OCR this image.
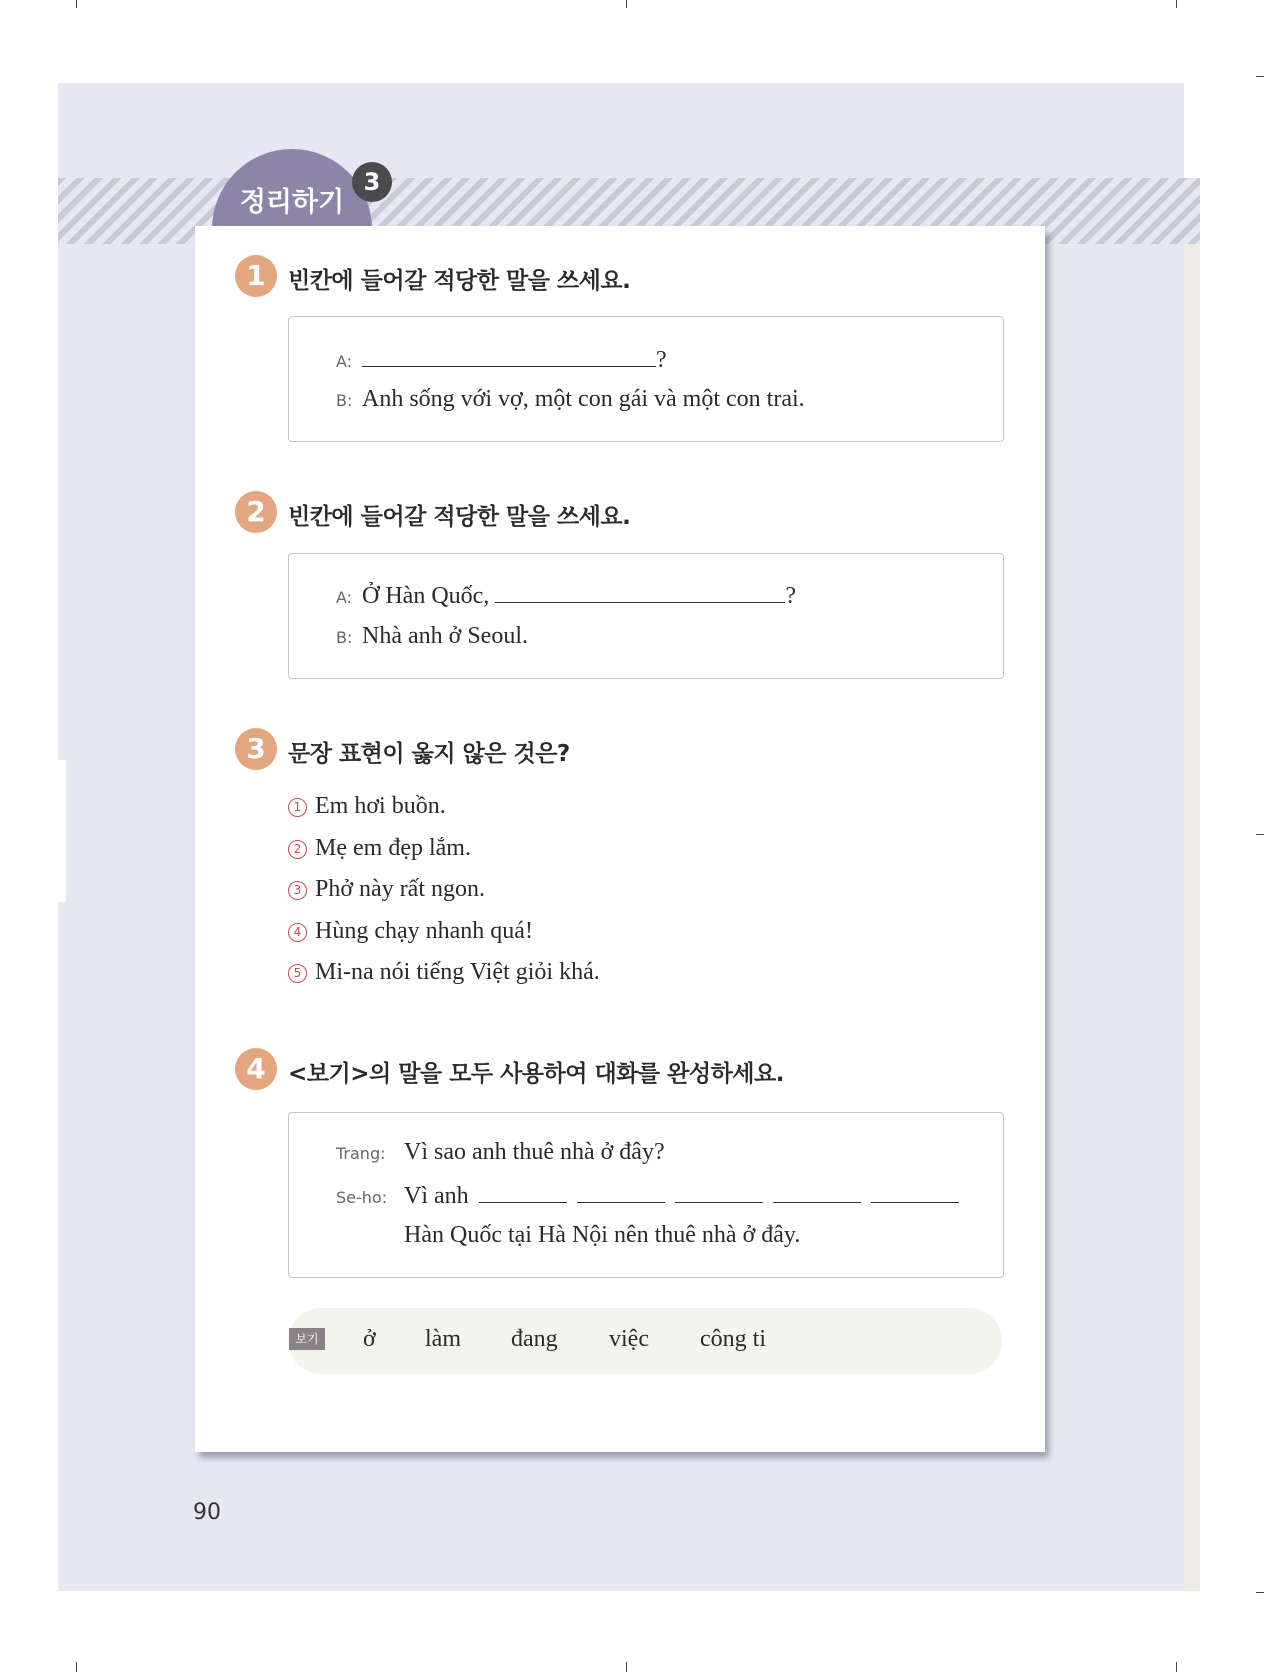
정리하기
3
1 빈칸에 들어갈 적당한 말을 쓰세요.
A:	?
B: Anh sống với vợ, một con gái và một con trai.
2 빈칸에 들어갈 적당한 말을 쓰세요.
A: Ở Hàn Quốc,	?
B: Nhà anh ở Seoul.
3 문장 표현이 옳지 않은 것은?
1 Em hơi buồn.
2 Mẹ em đẹp lắm.
3 Phở này rất ngon.
4 Hùng chạy nhanh quá!
5 Mi-na nói tiếng Việt giỏi khá.
4 <보기>의 말을 모두 사용하여 대화를 완성하세요.
Trang: Vì sao anh thuê nhà ở đây?
Se-ho: Vì anh
Hàn Quốc tại Hà Nội nên thuê nhà ở đây.
보기 ở làm đang việc công ti
90
